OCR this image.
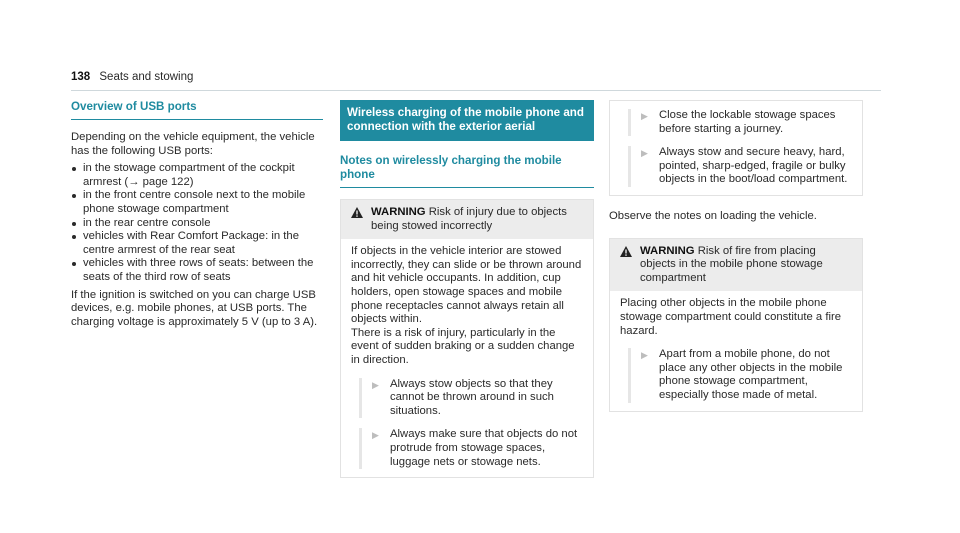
138 Seats and stowing
Overview of USB ports

Depending on the vehicle equipment, the vehicle has the following USB ports:

in the stowage compartment of the cockpit armrest (→ page 122)
in the front centre console next to the mobile phone stowage compartment
in the rear centre console
vehicles with Rear Comfort Package: in the centre armrest of the rear seat
vehicles with three rows of seats: between the seats of the third row of seats

If the ignition is switched on you can charge USB devices, e.g. mobile phones, at USB ports. The charging voltage is approximately 5 V (up to 3 A).

Wireless charging of the mobile phone and connection with the exterior aerial
Notes on wirelessly charging the mobile phone
WARNING Risk of injury due to objects being stowed incorrectly

If objects in the vehicle interior are stowed incorrectly, they can slide or be thrown around and hit vehicle occupants. In addition, cup holders, open stowage spaces and mobile phone receptacles cannot always retain all objects within.

There is a risk of injury, particularly in the event of sudden braking or a sudden change in direction.

▶ Always stow objects so that they cannot be thrown around in such situations.
▶ Always make sure that objects do not protrude from stowage spaces, luggage nets or stowage nets.
▶ Close the lockable stowage spaces before starting a journey.
▶ Always stow and secure heavy, hard, pointed, sharp-edged, fragile or bulky objects in the boot/load compartment.

Observe the notes on loading the vehicle.

WARNING Risk of fire from placing objects in the mobile phone stowage compartment

Placing other objects in the mobile phone stowage compartment could constitute a fire hazard.

▶ Apart from a mobile phone, do not place any other objects in the mobile phone stowage compartment, especially those made of metal.
